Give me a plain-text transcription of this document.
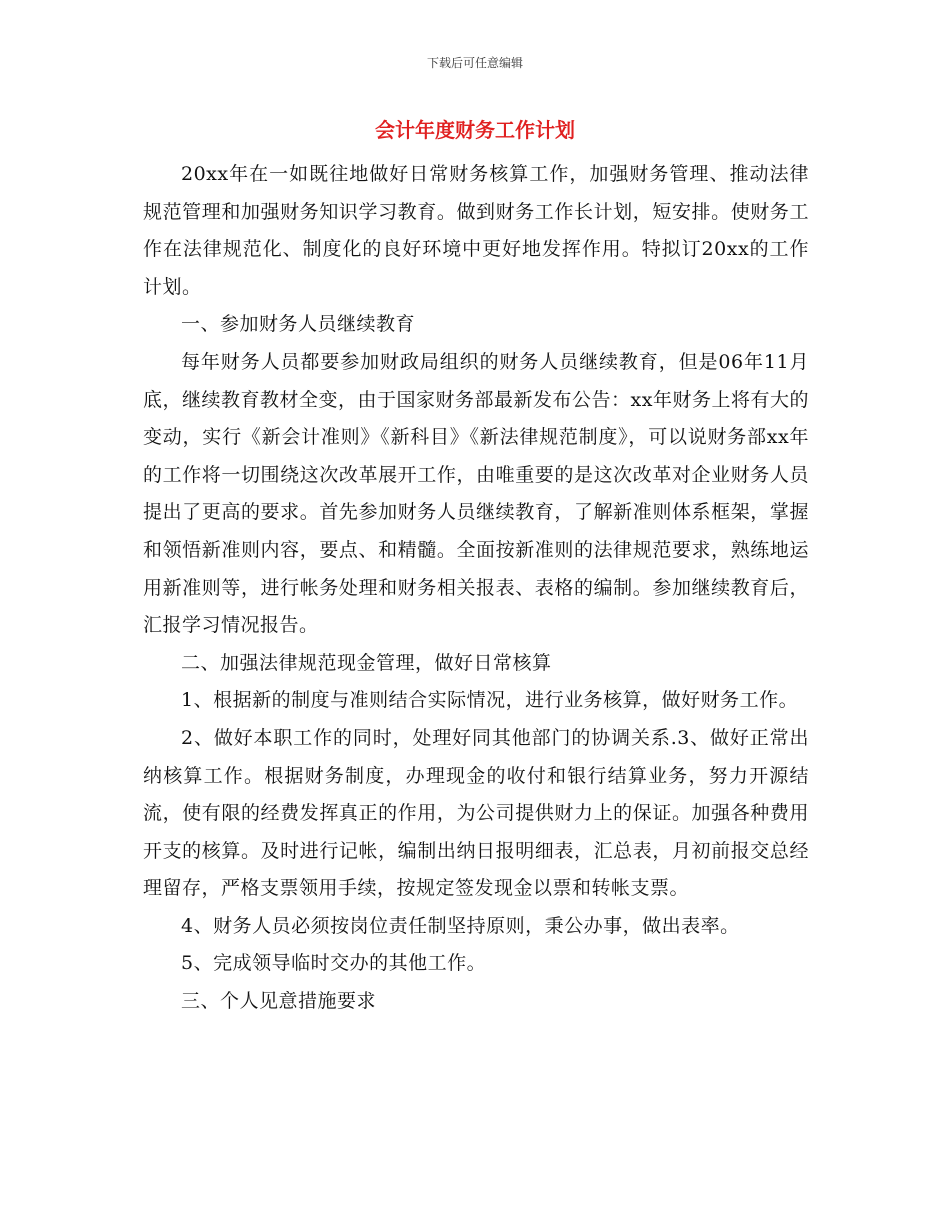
下载后可任意编辑
会计年度财务工作计划

20xx年在一如既往地做好日常财务核算工作，加强财务管理、推动法律规范管理和加强财务知识学习教育。做到财务工作长计划，短安排。使财务工作在法律规范化、制度化的良好环境中更好地发挥作用。特拟订20xx的工作计划。

一、参加财务人员继续教育

每年财务人员都要参加财政局组织的财务人员继续教育，但是06年11月底，继续教育教材全变，由于国家财务部最新发布公告：xx年财务上将有大的变动，实行《新会计准则》《新科目》《新法律规范制度》，可以说财务部xx年的工作将一切围绕这次改革展开工作，由唯重要的是这次改革对企业财务人员提出了更高的要求。首先参加财务人员继续教育，了解新准则体系框架，掌握和领悟新准则内容，要点、和精髓。全面按新准则的法律规范要求，熟练地运用新准则等，进行帐务处理和财务相关报表、表格的编制。参加继续教育后，汇报学习情况报告。

二、加强法律规范现金管理，做好日常核算

1、根据新的制度与准则结合实际情况，进行业务核算，做好财务工作。

2、做好本职工作的同时，处理好同其他部门的协调关系.3、做好正常出纳核算工作。根据财务制度，办理现金的收付和银行结算业务，努力开源结流，使有限的经费发挥真正的作用，为公司提供财力上的保证。加强各种费用开支的核算。及时进行记帐，编制出纳日报明细表，汇总表，月初前报交总经理留存，严格支票领用手续，按规定签发现金以票和转帐支票。

4、财务人员必须按岗位责任制坚持原则，秉公办事，做出表率。

5、完成领导临时交办的其他工作。

三、个人见意措施要求
